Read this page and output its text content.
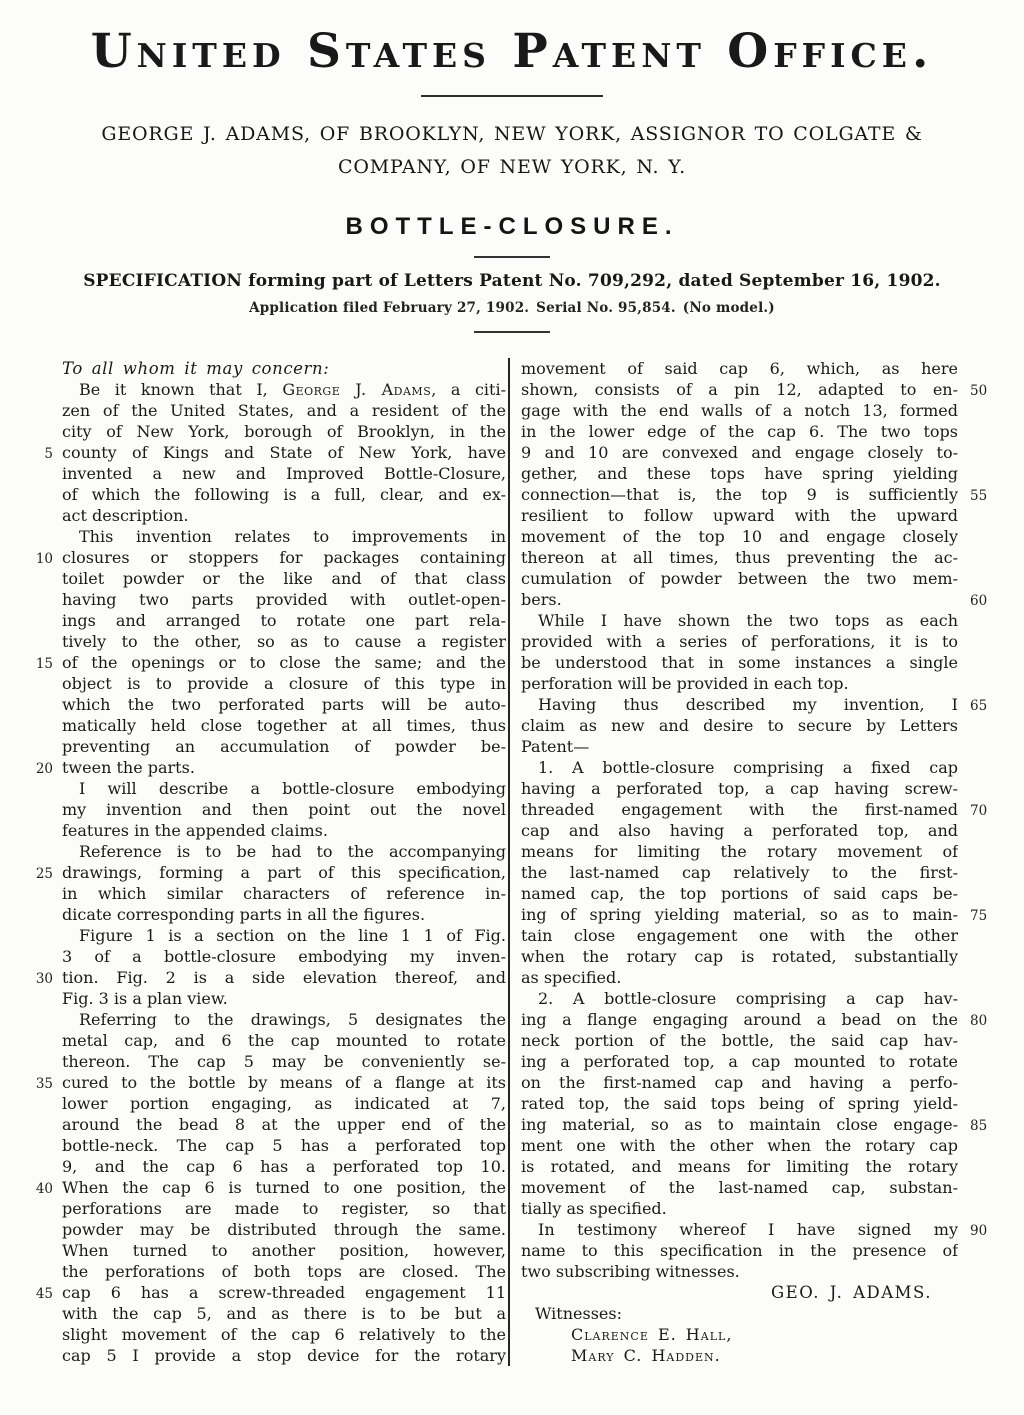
United States Patent Office.
GEORGE J. ADAMS, OF BROOKLYN, NEW YORK, ASSIGNOR TO COLGATE &
COMPANY, OF NEW YORK, N. Y.
BOTTLE-CLOSURE.
SPECIFICATION forming part of Letters Patent No. 709,292, dated September 16, 1902.
Application filed February 27, 1902. Serial No. 95,854. (No model.)
To all whom it may concern:
Be it known that I, George J. Adams, a citi-
zen of the United States, and a resident of the
city of New York, borough of Brooklyn, in the
5 county of Kings and State of New York, have
invented a new and Improved Bottle-Closure,
of which the following is a full, clear, and ex-
act description.
This invention relates to improvements in
10 closures or stoppers for packages containing
toilet powder or the like and of that class
having two parts provided with outlet-open-
ings and arranged to rotate one part rela-
tively to the other, so as to cause a register
15 of the openings or to close the same; and the
object is to provide a closure of this type in
which the two perforated parts will be auto-
matically held close together at all times, thus
preventing an accumulation of powder be-
20 tween the parts.
I will describe a bottle-closure embodying
my invention and then point out the novel
features in the appended claims.
Reference is to be had to the accompanying
25 drawings, forming a part of this specification,
in which similar characters of reference in-
dicate corresponding parts in all the figures.
Figure 1 is a section on the line 1 1 of Fig.
3 of a bottle-closure embodying my inven-
30 tion. Fig. 2 is a side elevation thereof, and
Fig. 3 is a plan view.
Referring to the drawings, 5 designates the
metal cap, and 6 the cap mounted to rotate
thereon. The cap 5 may be conveniently se-
35 cured to the bottle by means of a flange at its
lower portion engaging, as indicated at 7,
around the bead 8 at the upper end of the
bottle-neck. The cap 5 has a perforated top
9, and the cap 6 has a perforated top 10.
40 When the cap 6 is turned to one position, the
perforations are made to register, so that
powder may be distributed through the same.
When turned to another position, however,
the perforations of both tops are closed. The
45 cap 6 has a screw-threaded engagement 11
with the cap 5, and as there is to be but a
slight movement of the cap 6 relatively to the
cap 5 I provide a stop device for the rotary
movement of said cap 6, which, as here
shown, consists of a pin 12, adapted to en- 50
gage with the end walls of a notch 13, formed
in the lower edge of the cap 6. The two tops
9 and 10 are convexed and engage closely to-
gether, and these tops have spring yielding
connection—that is, the top 9 is sufficiently 55
resilient to follow upward with the upward
movement of the top 10 and engage closely
thereon at all times, thus preventing the ac-
cumulation of powder between the two mem-
bers.	60
While I have shown the two tops as each
provided with a series of perforations, it is to
be understood that in some instances a single
perforation will be provided in each top.
Having thus described my invention, I 65
claim as new and desire to secure by Letters
Patent—
1. A bottle-closure comprising a fixed cap
having a perforated top, a cap having screw-
threaded engagement with the first-named 70
cap and also having a perforated top, and
means for limiting the rotary movement of
the last-named cap relatively to the first-
named cap, the top portions of said caps be-
ing of spring yielding material, so as to main- 75
tain close engagement one with the other
when the rotary cap is rotated, substantially
as specified.
2. A bottle-closure comprising a cap hav-
ing a flange engaging around a bead on the 80
neck portion of the bottle, the said cap hav-
ing a perforated top, a cap mounted to rotate
on the first-named cap and having a perfo-
rated top, the said tops being of spring yield-
ing material, so as to maintain close engage- 85
ment one with the other when the rotary cap
is rotated, and means for limiting the rotary
movement of the last-named cap, substan-
tially as specified.
In testimony whereof I have signed my 90
name to this specification in the presence of
two subscribing witnesses.
GEO. J. ADAMS.
Witnesses:
Clarence E. Hall,
Mary C. Hadden.
